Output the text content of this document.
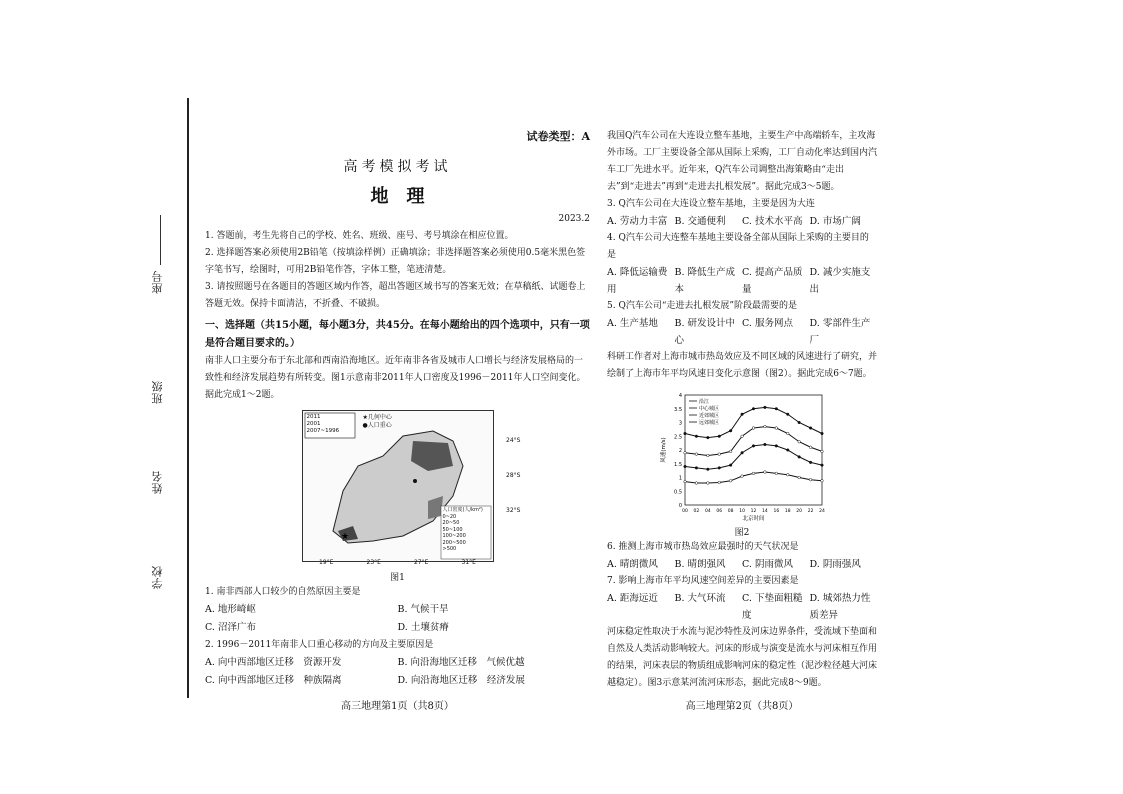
座号
班级
姓名
学校
试卷类型：A
高考模拟考试
地　理
2023.2
1. 答题前，考生先将自己的学校、姓名、班级、座号、考号填涂在相应位置。
2. 选择题答案必须使用2B铅笔（按填涂样例）正确填涂；非选择题答案必须使用0.5毫米黑色签字笔书写，绘图时，可用2B铅笔作答，字体工整，笔迹清楚。
3. 请按照题号在各题目的答题区域内作答，超出答题区域书写的答案无效；在草稿纸、试题卷上答题无效。保持卡面清洁，不折叠、不破损。
一、选择题（共15小题，每小题3分，共45分。在每小题给出的四个选项中，只有一项是符合题目要求的。）
南非人口主要分布于东北部和西南沿海地区。近年南非各省及城市人口增长与经济发展格局的一致性和经济发展趋势有所转变。图1示意南非2011年人口密度及1996－2011年人口空间变化。据此完成1～2题。
★
2011
2001
2007~1996
★几何中心
●人口重心
人口密度(人/km²)
0~20
20~50
50~100
100~200
200~500
>500
24°S
28°S
32°S
19°E	23°E	27°E	31°E
图1
1. 南非西部人口较少的自然原因主要是
A. 地形崎岖	B. 气候干旱
C. 沼泽广布	D. 土壤贫瘠
2. 1996－2011年南非人口重心移动的方向及主要原因是
A. 向中西部地区迁移　资源开发	B. 向沿海地区迁移　气候优越
C. 向中西部地区迁移　种族隔离	D. 向沿海地区迁移　经济发展
高三地理第1页（共8页）
我国Q汽车公司在大连设立整车基地，主要生产中高端轿车，主攻海外市场。工厂主要设备全部从国际上采购，工厂自动化率达到国内汽车工厂先进水平。近年来，Q汽车公司调整出海策略由“走出去”到“走进去”再到“走进去扎根发展”。据此完成3～5题。
3. Q汽车公司在大连设立整车基地，主要是因为大连
A. 劳动力丰富 B. 交通便利	C. 技术水平高 D. 市场广阔
4. Q汽车公司大连整车基地主要设备全部从国际上采购的主要目的是
A. 降低运输费用
B. 降低生产成本
C. 提高产品质量
D. 减少实施支出
5. Q汽车公司“走进去扎根发展”阶段最需要的是
A. 生产基地	B. 研发设计中心
C. 服务网点	D. 零部件生产厂
科研工作者对上海市城市热岛效应及不同区域的风速进行了研究，并绘制了上海市年平均风速日变化示意图（图2）。据此完成6～7题。
0
0.5
1
1.5
2
2.5
3
3.5
4
00 02 04 06 08 10 12 14 16 18 20 22 24
北京时间
风速(m/s)
沿江
中心城区
近郊城区
远郊城区
图2
6. 推测上海市城市热岛效应最强时的天气状况是
A. 晴朗微风	B. 晴朗强风	C. 阴雨微风	D. 阴雨强风
7. 影响上海市年平均风速空间差异的主要因素是
A. 距海远近	B. 大气环流	C. 下垫面粗糙度
D. 城郊热力性质差异
河床稳定性取决于水流与泥沙特性及河床边界条件，受流域下垫面和自然及人类活动影响较大。河床的形成与演变是流水与河床相互作用的结果，河床表层的物质组成影响河床的稳定性（泥沙粒径越大河床越稳定）。图3示意某河流河床形态，据此完成8～9题。
高三地理第2页（共8页）
